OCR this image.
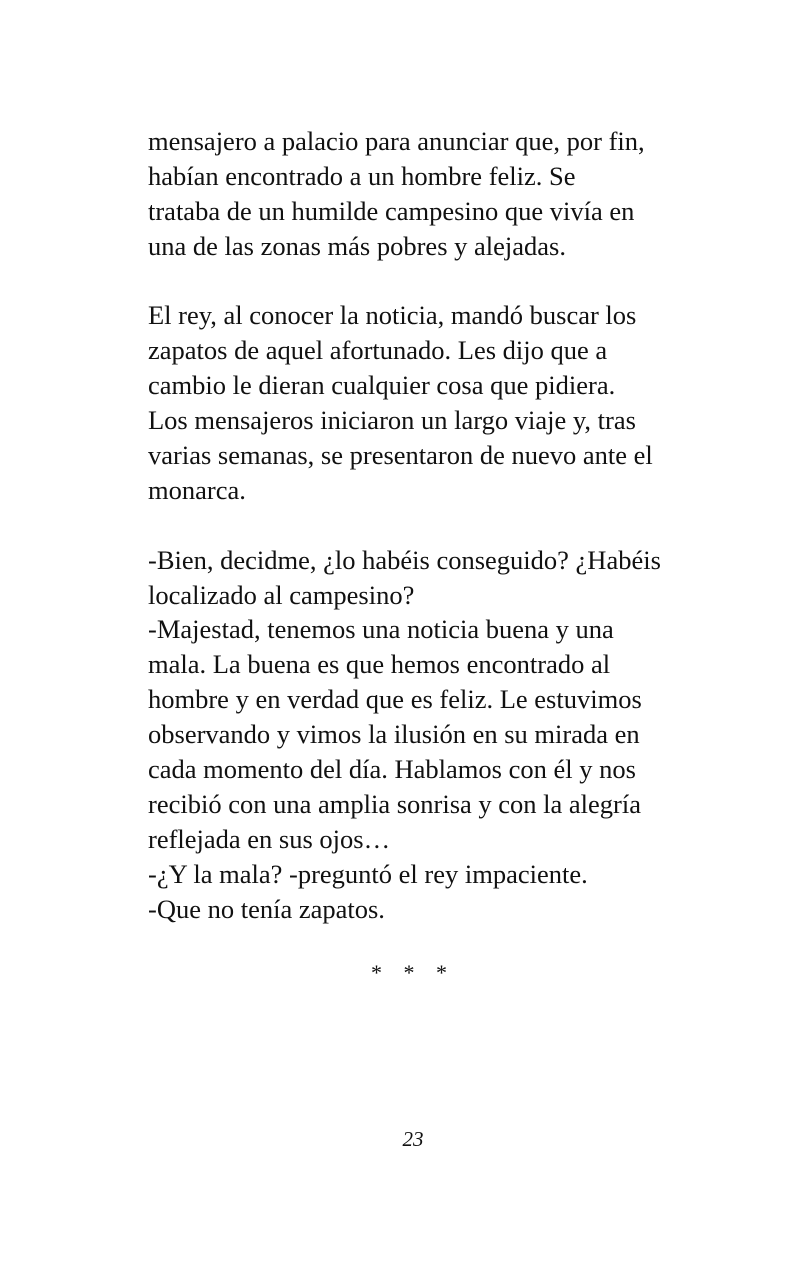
mensajero a palacio para anunciar que, por fin,
habían encontrado a un hombre feliz. Se
trataba de un humilde campesino que vivía en
una de las zonas más pobres y alejadas.
El rey, al conocer la noticia, mandó buscar los
zapatos de aquel afortunado. Les dijo que a
cambio le dieran cualquier cosa que pidiera.
Los mensajeros iniciaron un largo viaje y, tras
varias semanas, se presentaron de nuevo ante el
monarca.
-Bien, decidme, ¿lo habéis conseguido? ¿Habéis
localizado al campesino?
-Majestad, tenemos una noticia buena y una
mala. La buena es que hemos encontrado al
hombre y en verdad que es feliz. Le estuvimos
observando y vimos la ilusión en su mirada en
cada momento del día. Hablamos con él y nos
recibió con una amplia sonrisa y con la alegría
reflejada en sus ojos…
-¿Y la mala? -preguntó el rey impaciente.
-Que no tenía zapatos.
* * *
23
